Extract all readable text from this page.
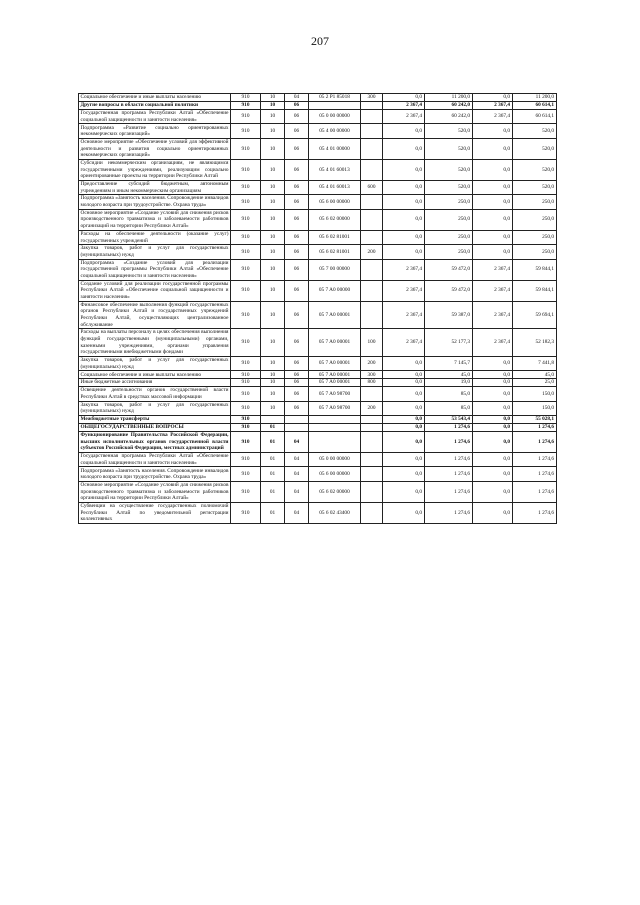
207
Социальное обеспечение и иные выплаты населению	910	10	04	05 2 P1 85018	300	0,0	11 200,0	0,0	11 200,0
Другие вопросы в области социальной политики	910	10	06			2 367,4	60 242,0	2 367,4	60 614,1
Государственная программа Республики Алтай «Обеспечение социальной защищенности и занятости населения»	910	10	06	05 0 00 00000		2 367,4	60 242,0	2 367,4	60 614,1
Подпрограмма «Развитие социально ориентированных некоммерческих организаций»	910	10	06	05 4 00 00000		0,0	520,0	0,0	520,0
Основное мероприятие «Обеспечение условий для эффективной деятельности и развития социально ориентированных некоммерческих организаций»	910	10	06	05 4 01 00000		0,0	520,0	0,0	520,0
Субсидии некоммерческим организациям, не являющимся государственными учреждениями, реализующим социально ориентированные проекты на территории Республики Алтай	910	10	06	05 4 01 60013		0,0	520,0	0,0	520,0
Предоставление субсидий бюджетным, автономным учреждениям и иным некоммерческим организациям	910	10	06	05 4 01 60013	600	0,0	520,0	0,0	520,0
Подпрограмма «Занятость населения. Сопровождение инвалидов молодого возраста при трудоустройстве. Охрана труда»	910	10	06	05 6 00 00000		0,0	250,0	0,0	250,0
Основное мероприятие «Создание условий для снижения рисков производственного травматизма и заболеваемости работников организаций на территории Республики Алтай»	910	10	06	05 6 02 00000		0,0	250,0	0,0	250,0
Расходы на обеспечение деятельности (оказание услуг) государственных учреждений	910	10	06	05 6 02 81001		0,0	250,0	0,0	250,0
Закупка товаров, работ и услуг для государственных (муниципальных) нужд	910	10	06	05 6 02 81001	200	0,0	250,0	0,0	250,0
Подпрограмма «Создание условий для реализации государственной программы Республики Алтай «Обеспечение социальной защищенности и занятости населения»	910	10	06	05 7 00 00000		2 367,4	59 472,0	2 367,4	59 844,1
Создание условий для реализации государственной программы Республики Алтай «Обеспечение социальной защищенности и занятости населения»	910	10	06	05 7 A0 00000		2 367,4	59 472,0	2 367,4	59 844,1
Финансовое обеспечение выполнения функций государственных органов Республики Алтай и государственных учреждений Республики Алтай, осуществляющих централизованное обслуживание	910	10	06	05 7 A0 00001		2 367,4	59 387,0	2 367,4	59 694,1
Расходы на выплаты персоналу в целях обеспечения выполнения функций государственными (муниципальными) органами, казенными учреждениями, органами управления государственными внебюджетными фондами	910	10	06	05 7 A0 00001	100	2 367,4	52 177,3	2 367,4	52 182,3
Закупка товаров, работ и услуг для государственных (муниципальных) нужд	910	10	06	05 7 A0 00001	200	0,0	7 145,7	0,0	7 441,8
Социальное обеспечение и иные выплаты населению	910	10	06	05 7 A0 00001	300	0,0	45,0	0,0	45,0
Иные бюджетные ассигнования	910	10	06	05 7 A0 00001	800	0,0	19,0	0,0	25,0
Освещение деятельности органов государственной власти Республики Алтай в средствах массовой информации	910	10	06	05 7 A0 98700		0,0	85,0	0,0	150,0
Закупка товаров, работ и услуг для государственных (муниципальных) нужд	910	10	06	05 7 A0 98700	200	0,0	85,0	0,0	150,0
Межбюджетные трансферты	910					0,0	53 543,4	0,0	55 028,1
ОБЩЕГОСУДАРСТВЕННЫЕ ВОПРОСЫ	910	01				0,0	1 274,6	0,0	1 274,6
Функционирование Правительства Российской Федерации, высших исполнительных органов государственной власти субъектов Российской Федерации, местных администраций	910	01	04			0,0	1 274,6	0,0	1 274,6
Государственная программа Республики Алтай «Обеспечение социальной защищенности и занятости населения»	910	01	04	05 0 00 00000		0,0	1 274,6	0,0	1 274,6
Подпрограмма «Занятость населения. Сопровождение инвалидов молодого возраста при трудоустройстве. Охрана труда»	910	01	04	05 6 00 00000		0,0	1 274,6	0,0	1 274,6
Основное мероприятие «Создание условий для снижения рисков производственного травматизма и заболеваемости работников организаций на территории Республики Алтай»	910	01	04	05 6 02 00000		0,0	1 274,6	0,0	1 274,6
Субвенции на осуществление государственных полномочий Республики Алтай по уведомительной регистрации коллективных	910	01	04	05 6 02 43400		0,0	1 274,6	0,0	1 274,6
